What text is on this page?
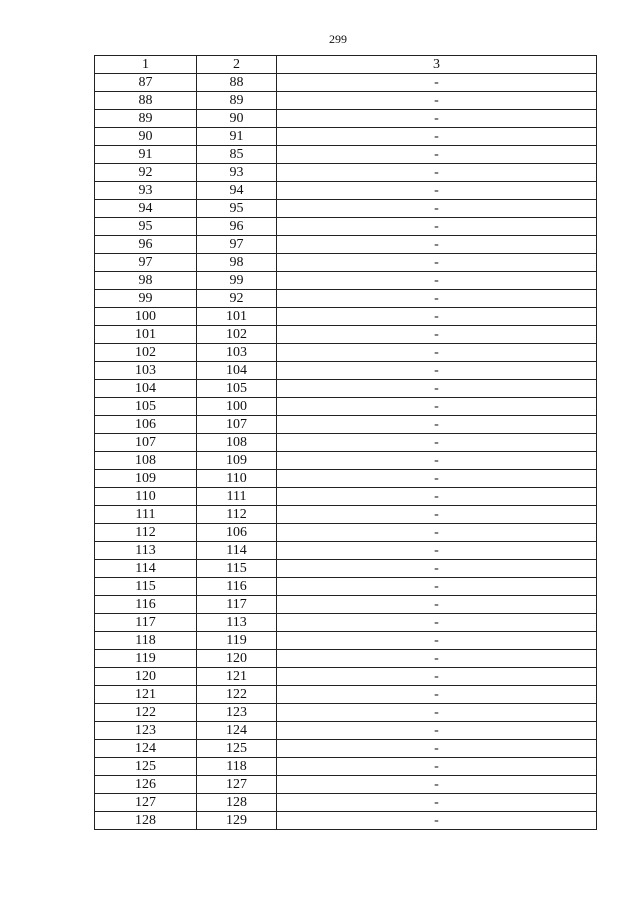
299
1	2	3
87	88	-
88	89	-
89	90	-
90	91	-
91	85	-
92	93	-
93	94	-
94	95	-
95	96	-
96	97	-
97	98	-
98	99	-
99	92	-
100	101	-
101	102	-
102	103	-
103	104	-
104	105	-
105	100	-
106	107	-
107	108	-
108	109	-
109	110	-
110	111	-
111	112	-
112	106	-
113	114	-
114	115	-
115	116	-
116	117	-
117	113	-
118	119	-
119	120	-
120	121	-
121	122	-
122	123	-
123	124	-
124	125	-
125	118	-
126	127	-
127	128	-
128	129	-
